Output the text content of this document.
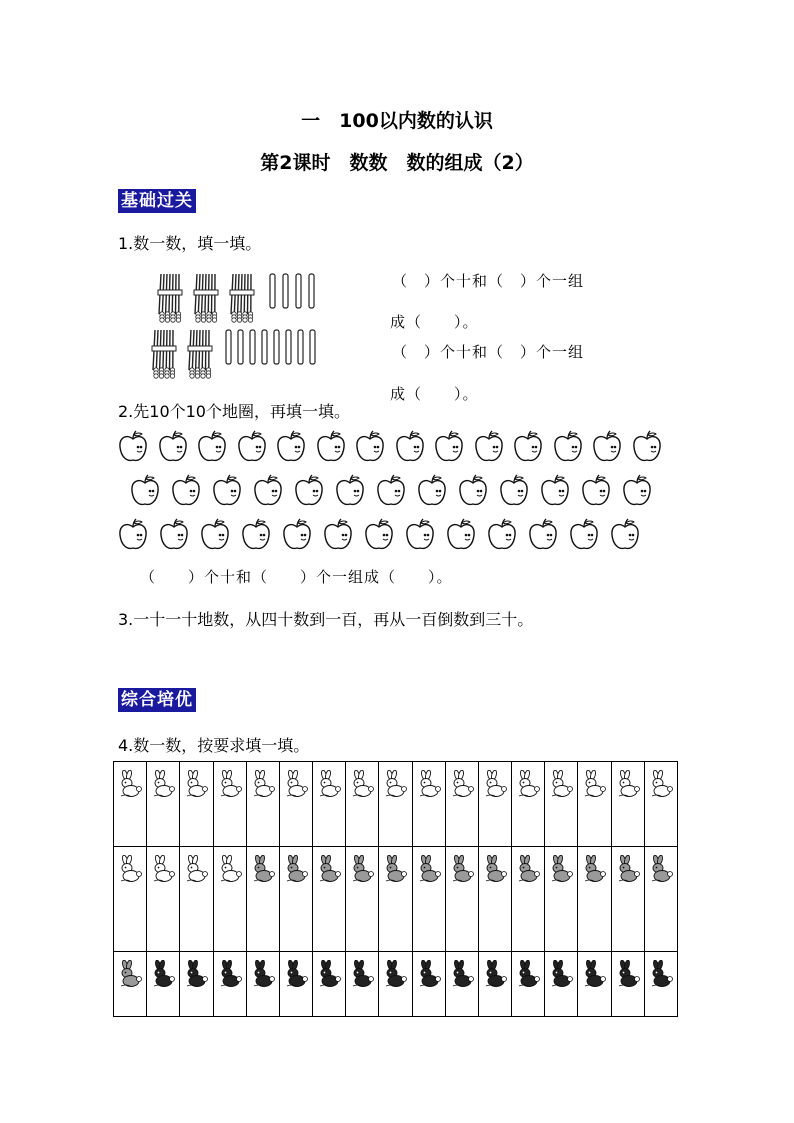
一　100以内数的认识
第2课时　数数　数的组成（2）
基础过关
1.数一数，填一填。
（　）个十和（　）个一组
成（　　）。
（　）个十和（　）个一组
成（　　）。
2.先10个10个地圈，再填一填。
（　　）个十和（　　）个一组成（　　）。
3.一十一十地数，从四十数到一百，再从一百倒数到三十。
综合培优
4.数一数，按要求填一填。
